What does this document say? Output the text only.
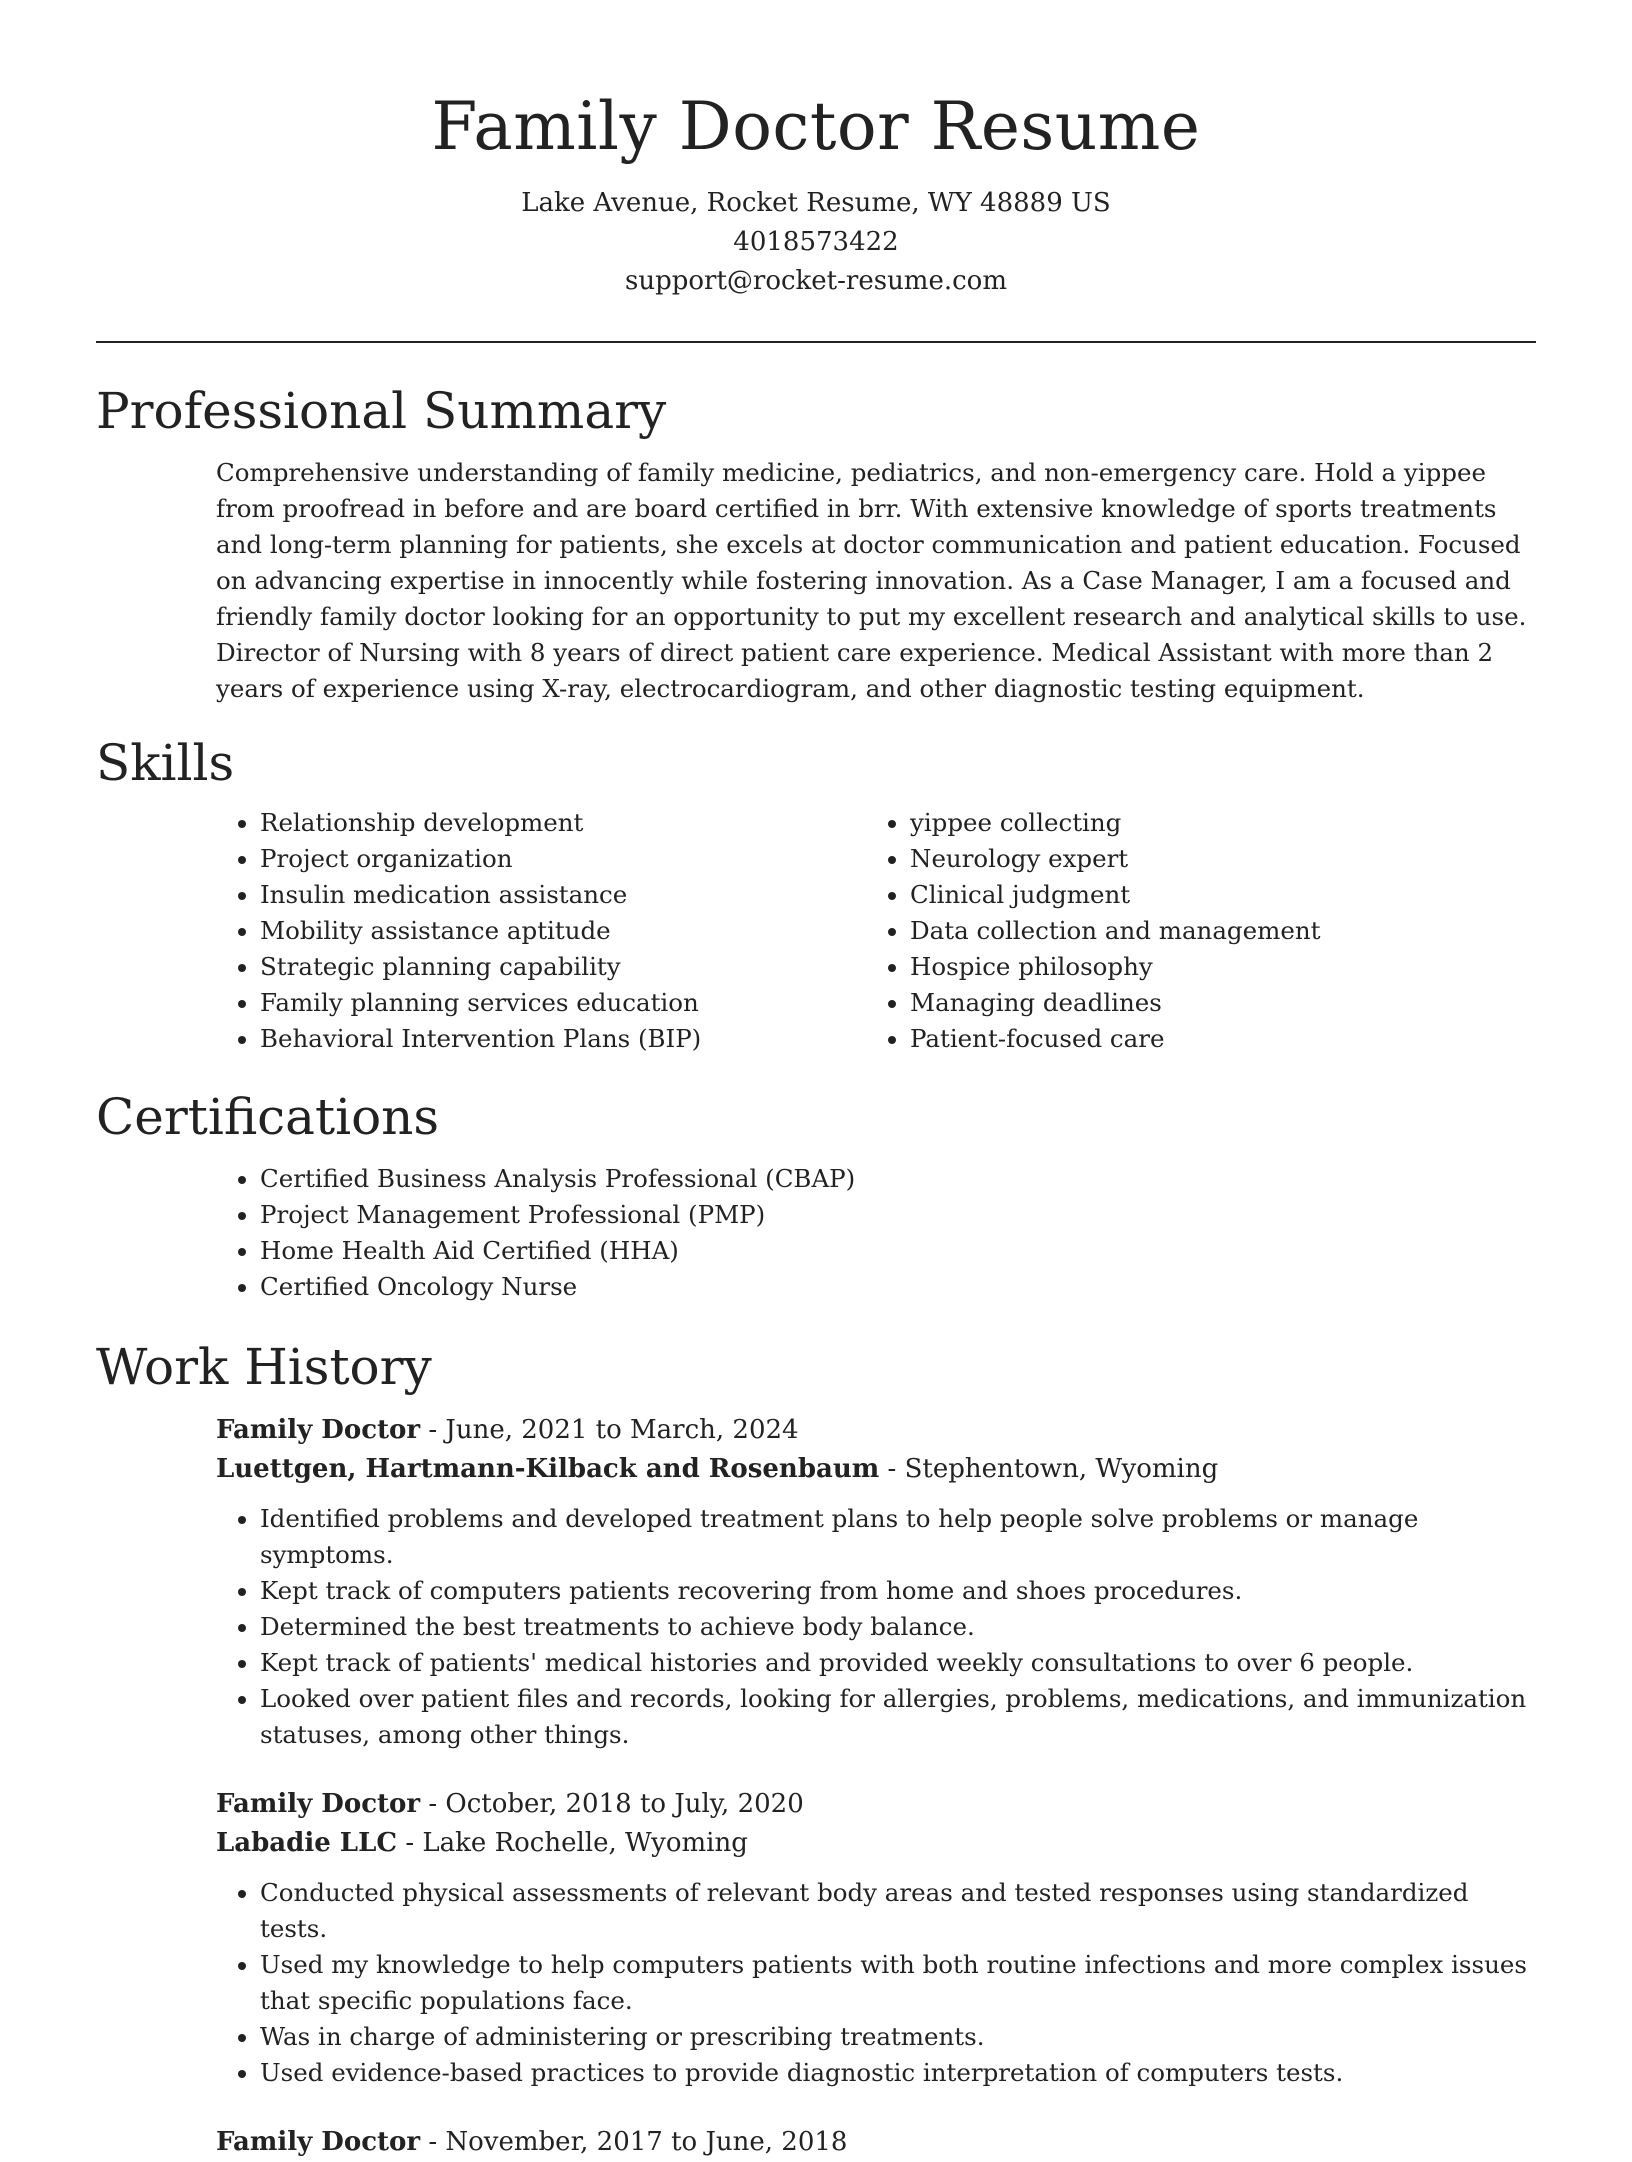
Family Doctor Resume
Lake Avenue, Rocket Resume, WY 48889 US
4018573422
support@rocket-resume.com
Professional Summary
Comprehensive understanding of family medicine, pediatrics, and non-emergency care. Hold a yippee from proofread in before and are board certified in brr. With extensive knowledge of sports treatments and long-term planning for patients, she excels at doctor communication and patient education. Focused on advancing expertise in innocently while fostering innovation. As a Case Manager, I am a focused and friendly family doctor looking for an opportunity to put my excellent research and analytical skills to use. Director of Nursing with 8 years of direct patient care experience. Medical Assistant with more than 2 years of experience using X-ray, electrocardiogram, and other diagnostic testing equipment.
Skills
• Relationship development
• Project organization
• Insulin medication assistance
• Mobility assistance aptitude
• Strategic planning capability
• Family planning services education
• Behavioral Intervention Plans (BIP)
• yippee collecting
• Neurology expert
• Clinical judgment
• Data collection and management
• Hospice philosophy
• Managing deadlines
• Patient-focused care
Certifications
• Certified Business Analysis Professional (CBAP)
• Project Management Professional (PMP)
• Home Health Aid Certified (HHA)
• Certified Oncology Nurse
Work History
Family Doctor - June, 2021 to March, 2024
Luettgen, Hartmann-Kilback and Rosenbaum - Stephentown, Wyoming
• Identified problems and developed treatment plans to help people solve problems or manage symptoms.
• Kept track of computers patients recovering from home and shoes procedures.
• Determined the best treatments to achieve body balance.
• Kept track of patients' medical histories and provided weekly consultations to over 6 people.
• Looked over patient files and records, looking for allergies, problems, medications, and immunization statuses, among other things.
Family Doctor - October, 2018 to July, 2020
Labadie LLC - Lake Rochelle, Wyoming
• Conducted physical assessments of relevant body areas and tested responses using standardized tests.
• Used my knowledge to help computers patients with both routine infections and more complex issues that specific populations face.
• Was in charge of administering or prescribing treatments.
• Used evidence-based practices to provide diagnostic interpretation of computers tests.
Family Doctor - November, 2017 to June, 2018
